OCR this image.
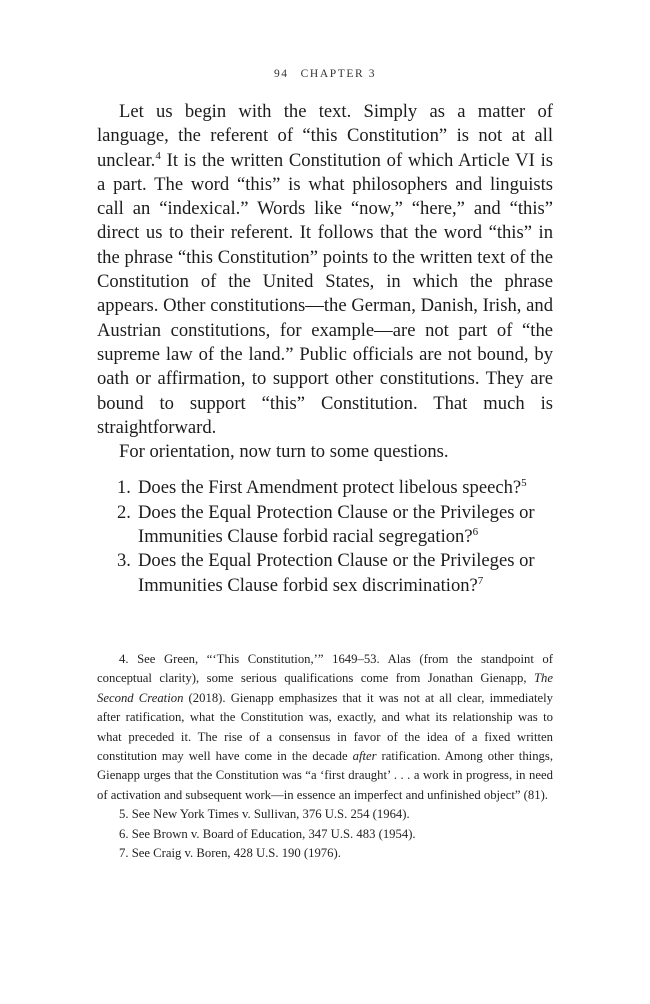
94 CHAPTER 3

Let us begin with the text. Simply as a matter of language, the referent of “this Constitution” is not at all unclear.$^4$ It is the written Constitution of which Article VI is a part. The word “this” is what philosophers and linguists call an “indexical.” Words like “now,” “here,” and “this” direct us to their referent. It follows that the word “this” in the phrase “this Constitution” points to the written text of the Constitution of the United States, in which the phrase appears. Other constitutions—the German, Danish, Irish, and Austrian constitutions, for example—are not part of “the supreme law of the land.” Public officials are not bound, by oath or affirmation, to support other constitutions. They are bound to support “this” Constitution. That much is straightforward.

For orientation, now turn to some questions.

1. Does the First Amendment protect libelous speech?$^5$
2. Does the Equal Protection Clause or the Privileges or Immunities Clause forbid racial segregation?$^6$
3. Does the Equal Protection Clause or the Privileges or Immunities Clause forbid sex discrimination?$^7$

4. See Green, “‘This Constitution,’” 1649–53. Alas (from the standpoint of conceptual clarity), some serious qualifications come from Jonathan Gienapp, The Second Creation (2018). Gienapp emphasizes that it was not at all clear, immediately after ratification, what the Constitution was, exactly, and what its relationship was to what preceded it. The rise of a consensus in favor of the idea of a fixed written constitution may well have come in the decade after ratification. Among other things, Gienapp urges that the Constitution was “a ‘first draught’ . . . a work in progress, in need of activation and subsequent work—in essence an imperfect and unfinished object” (81).

5. See New York Times v. Sullivan, 376 U.S. 254 (1964).

6. See Brown v. Board of Education, 347 U.S. 483 (1954).

7. See Craig v. Boren, 428 U.S. 190 (1976).
